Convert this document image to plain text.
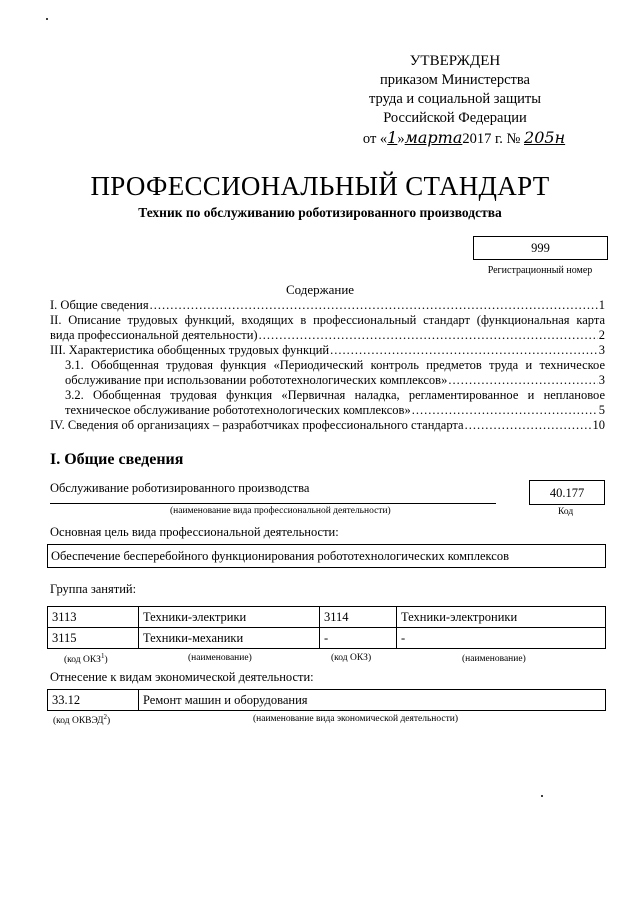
УТВЕРЖДЕН
приказом Министерства
труда и социальной защиты
Российской Федерации
от «1»марта2017 г. № 205н
ПРОФЕССИОНАЛЬНЫЙ СТАНДАРТ
Техник по обслуживанию роботизированного производства
999
Регистрационный номер
Содержание
I. Общие сведения .....	1
II. Описание трудовых функций, входящих в профессиональный стандарт (функциональная карта
вида профессиональной деятельности) .....	2
III. Характеристика обобщенных трудовых функций .....	3
3.1. Обобщенная трудовая функция «Периодический контроль предметов труда и техническое
обслуживание при использовании робототехнологических комплексов» .....	3
3.2. Обобщенная трудовая функция «Первичная наладка, регламентированное и неплановое
техническое обслуживание робототехнологических комплексов» .....	5
IV. Сведения об организациях – разработчиках профессионального стандарта .....	10
I. Общие сведения
Обслуживание роботизированного производства
(наименование вида профессиональной деятельности)
40.177
Код
Основная цель вида профессиональной деятельности:
Обеспечение бесперебойного функционирования робототехнологических комплексов
Группа занятий:
3113	Техники-электрики	3114	Техники-электроники
3115	Техники-механики	-	-
(код ОКЗ$^1$)	(наименование)	(код ОКЗ)	(наименование)
Отнесение к видам экономической деятельности:
33.12	Ремонт машин и оборудования
(код ОКВЭД$^2$)	(наименование вида экономической деятельности)
